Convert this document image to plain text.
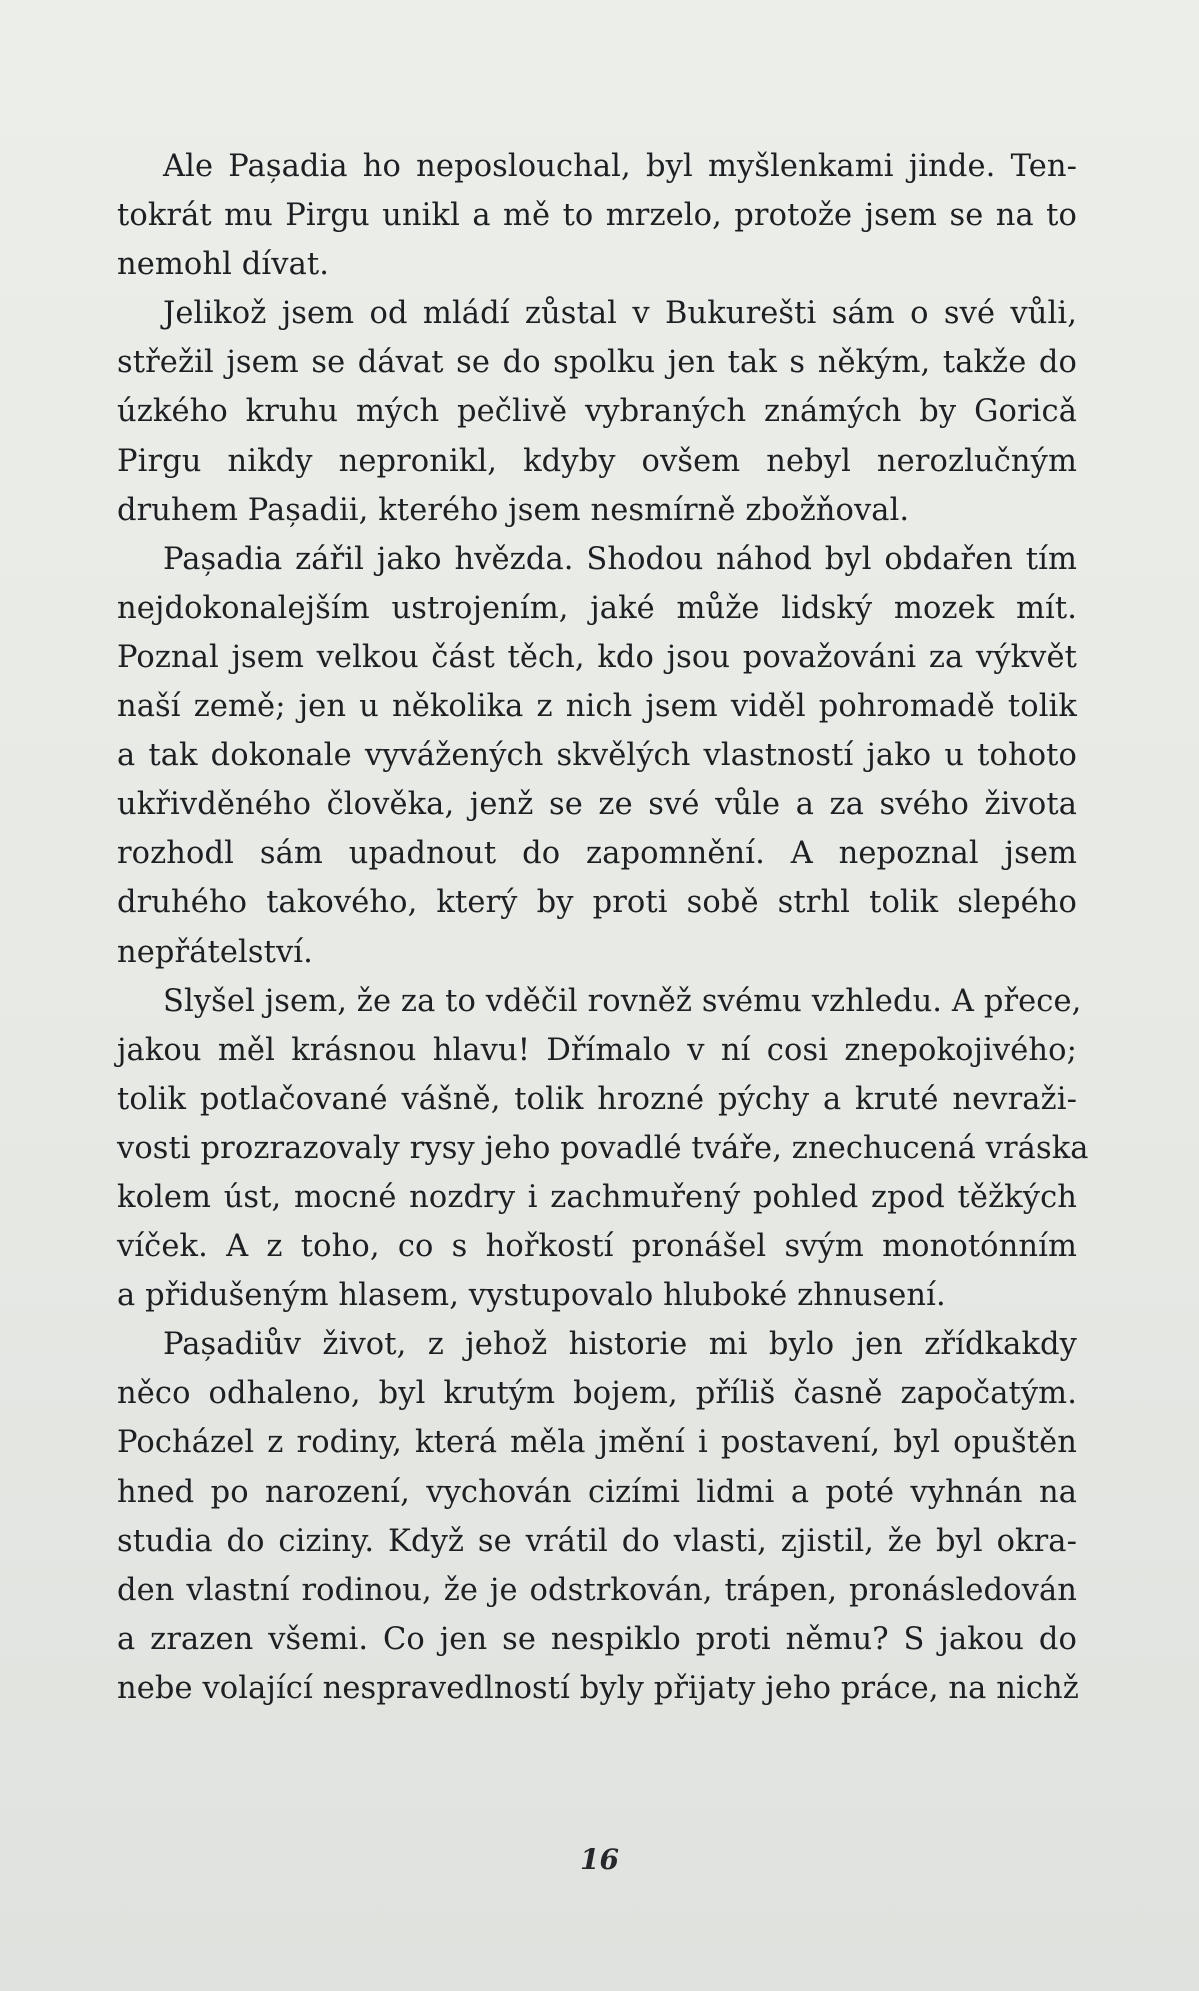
Ale Pașadia ho neposlouchal, byl myšlenkami jinde. Ten-
tokrát mu Pirgu unikl a mě to mrzelo, protože jsem se na to
nemohl dívat.
Jelikož jsem od mládí zůstal v Bukurešti sám o své vůli,
střežil jsem se dávat se do spolku jen tak s někým, takže do
úzkého kruhu mých pečlivě vybraných známých by Goricǎ
Pirgu nikdy nepronikl, kdyby ovšem nebyl nerozlučným
druhem Pașadii, kterého jsem nesmírně zbožňoval.
Pașadia zářil jako hvězda. Shodou náhod byl obdařen tím
nejdokonalejším ustrojením, jaké může lidský mozek mít.
Poznal jsem velkou část těch, kdo jsou považováni za výkvět
naší země; jen u několika z nich jsem viděl pohromadě tolik
a tak dokonale vyvážených skvělých vlastností jako u tohoto
ukřivděného člověka, jenž se ze své vůle a za svého života
rozhodl sám upadnout do zapomnění. A nepoznal jsem
druhého takového, který by proti sobě strhl tolik slepého
nepřátelství.
Slyšel jsem, že za to vděčil rovněž svému vzhledu. A přece,
jakou měl krásnou hlavu! Dřímalo v ní cosi znepokojivého;
tolik potlačované vášně, tolik hrozné pýchy a kruté nevraži-
vosti prozrazovaly rysy jeho povadlé tváře, znechucená vráska
kolem úst, mocné nozdry i zachmuřený pohled zpod těžkých
víček. A z toho, co s hořkostí pronášel svým monotónním
a přidušeným hlasem, vystupovalo hluboké zhnusení.
Pașadiův život, z jehož historie mi bylo jen zřídkakdy
něco odhaleno, byl krutým bojem, příliš časně započatým.
Pocházel z rodiny, která měla jmění i postavení, byl opuštěn
hned po narození, vychován cizími lidmi a poté vyhnán na
studia do ciziny. Když se vrátil do vlasti, zjistil, že byl okra-
den vlastní rodinou, že je odstrkován, trápen, pronásledován
a zrazen všemi. Co jen se nespiklo proti němu? S jakou do
nebe volající nespravedlností byly přijaty jeho práce, na nichž
16
